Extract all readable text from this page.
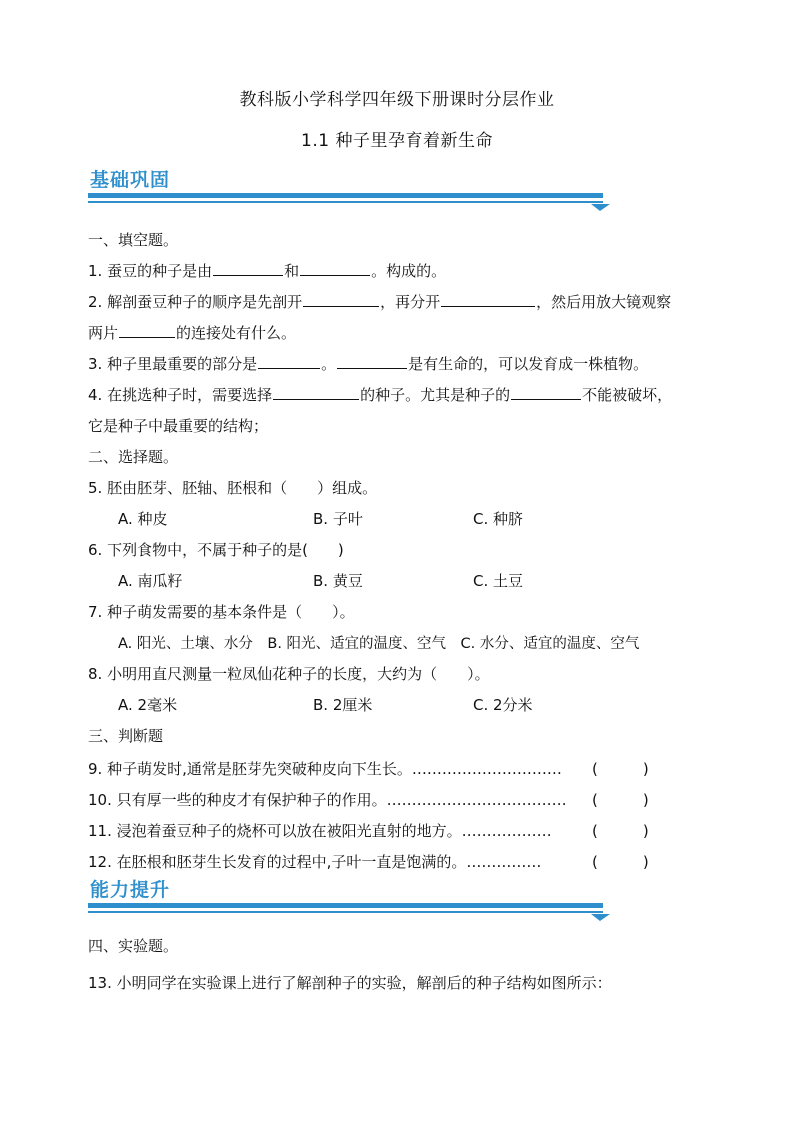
教科版小学科学四年级下册课时分层作业
1.1 种子里孕育着新生命
基础巩固
一、填空题。
1. 蚕豆的种子是由	和	。构成的。
2. 解剖蚕豆种子的顺序是先剖开	，再分开	，然后用放大镜观察
两片	的连接处有什么。
3. 种子里最重要的部分是	。	是有生命的，可以发育成一株植物。
4. 在挑选种子时，需要选择	的种子。尤其是种子的	不能被破坏，
它是种子中最重要的结构；
二、选择题。
5. 胚由胚芽、胚轴、胚根和（　　）组成。
A. 种皮	B. 子叶	C. 种脐
6. 下列食物中，不属于种子的是(　　)
A. 南瓜籽	B. 黄豆	C. 土豆
7. 种子萌发需要的基本条件是（　　）。
A. 阳光、土壤、水分　B. 阳光、适宜的温度、空气　C. 水分、适宜的温度、空气
8. 小明用直尺测量一粒凤仙花种子的长度，大约为（　　）。
A. 2毫米	B. 2厘米	C. 2分米
三、判断题
9. 种子萌发时,通常是胚芽先突破种皮向下生长。………………………… (　　　)
10. 只有厚一些的种皮才有保护种子的作用。……………………………… (　　　)
11. 浸泡着蚕豆种子的烧杯可以放在被阳光直射的地方。………………	(　　　)
12. 在胚根和胚芽生长发育的过程中,子叶一直是饱满的。……………	(　　　)
能力提升
四、实验题。
13. 小明同学在实验课上进行了解剖种子的实验，解剖后的种子结构如图所示：
